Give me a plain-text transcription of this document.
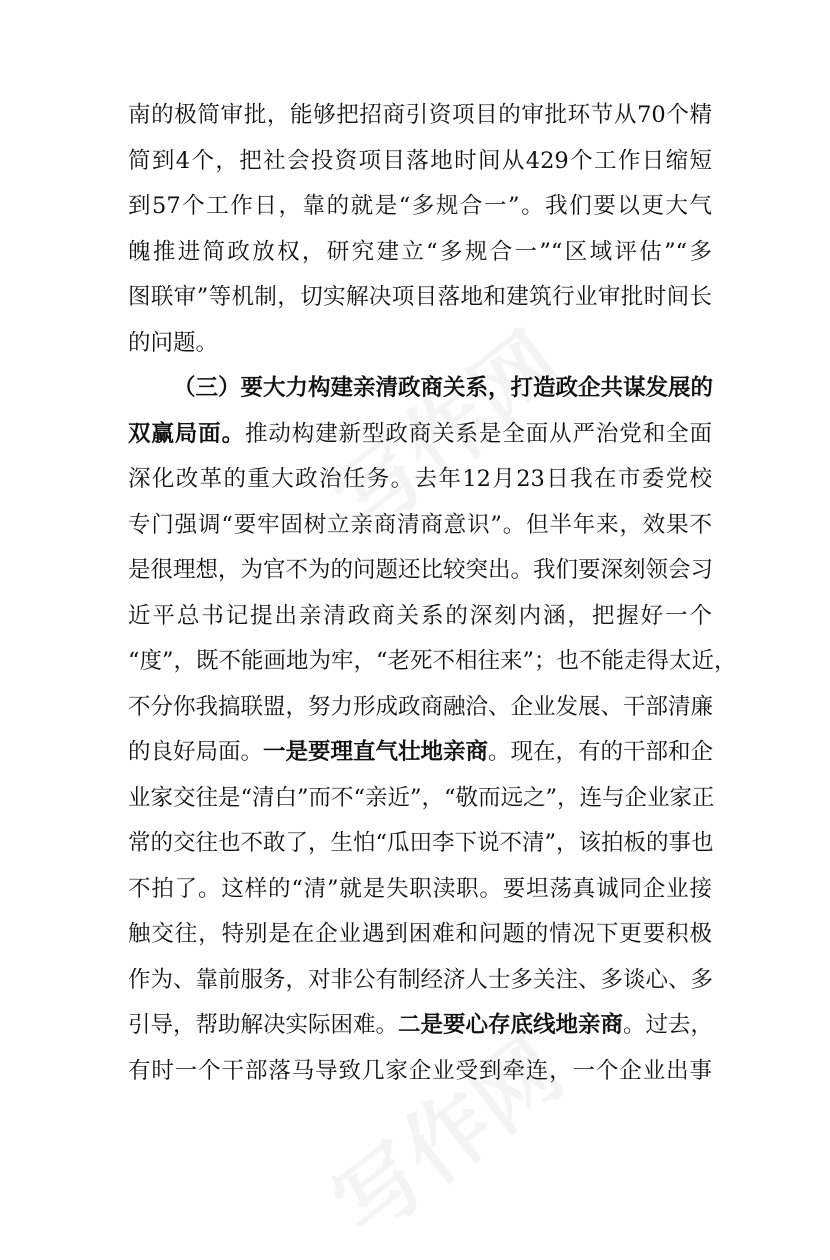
南的极简审批，能够把招商引资项目的审批环节从70个精
简到4个，把社会投资项目落地时间从429个工作日缩短
到57个工作日，靠的就是“多规合一”。我们要以更大气
魄推进简政放权，研究建立“多规合一”“区域评估”“多
图联审”等机制，切实解决项目落地和建筑行业审批时间长
的问题。
（三）要大力构建亲清政商关系，打造政企共谋发展的
双赢局面。推动构建新型政商关系是全面从严治党和全面
深化改革的重大政治任务。去年12月23日我在市委党校
专门强调“要牢固树立亲商清商意识”。但半年来，效果不
是很理想，为官不为的问题还比较突出。我们要深刻领会习
近平总书记提出亲清政商关系的深刻内涵，把握好一个
“度”，既不能画地为牢，“老死不相往来”；也不能走得太近，
不分你我搞联盟，努力形成政商融洽、企业发展、干部清廉
的良好局面。一是要理直气壮地亲商。现在，有的干部和企
业家交往是“清白”而不“亲近”，“敬而远之”，连与企业家正
常的交往也不敢了，生怕“瓜田李下说不清”，该拍板的事也
不拍了。这样的“清”就是失职渎职。要坦荡真诚同企业接
触交往，特别是在企业遇到困难和问题的情况下更要积极
作为、靠前服务，对非公有制经济人士多关注、多谈心、多
引导，帮助解决实际困难。二是要心存底线地亲商。过去，
有时一个干部落马导致几家企业受到牵连，一个企业出事
